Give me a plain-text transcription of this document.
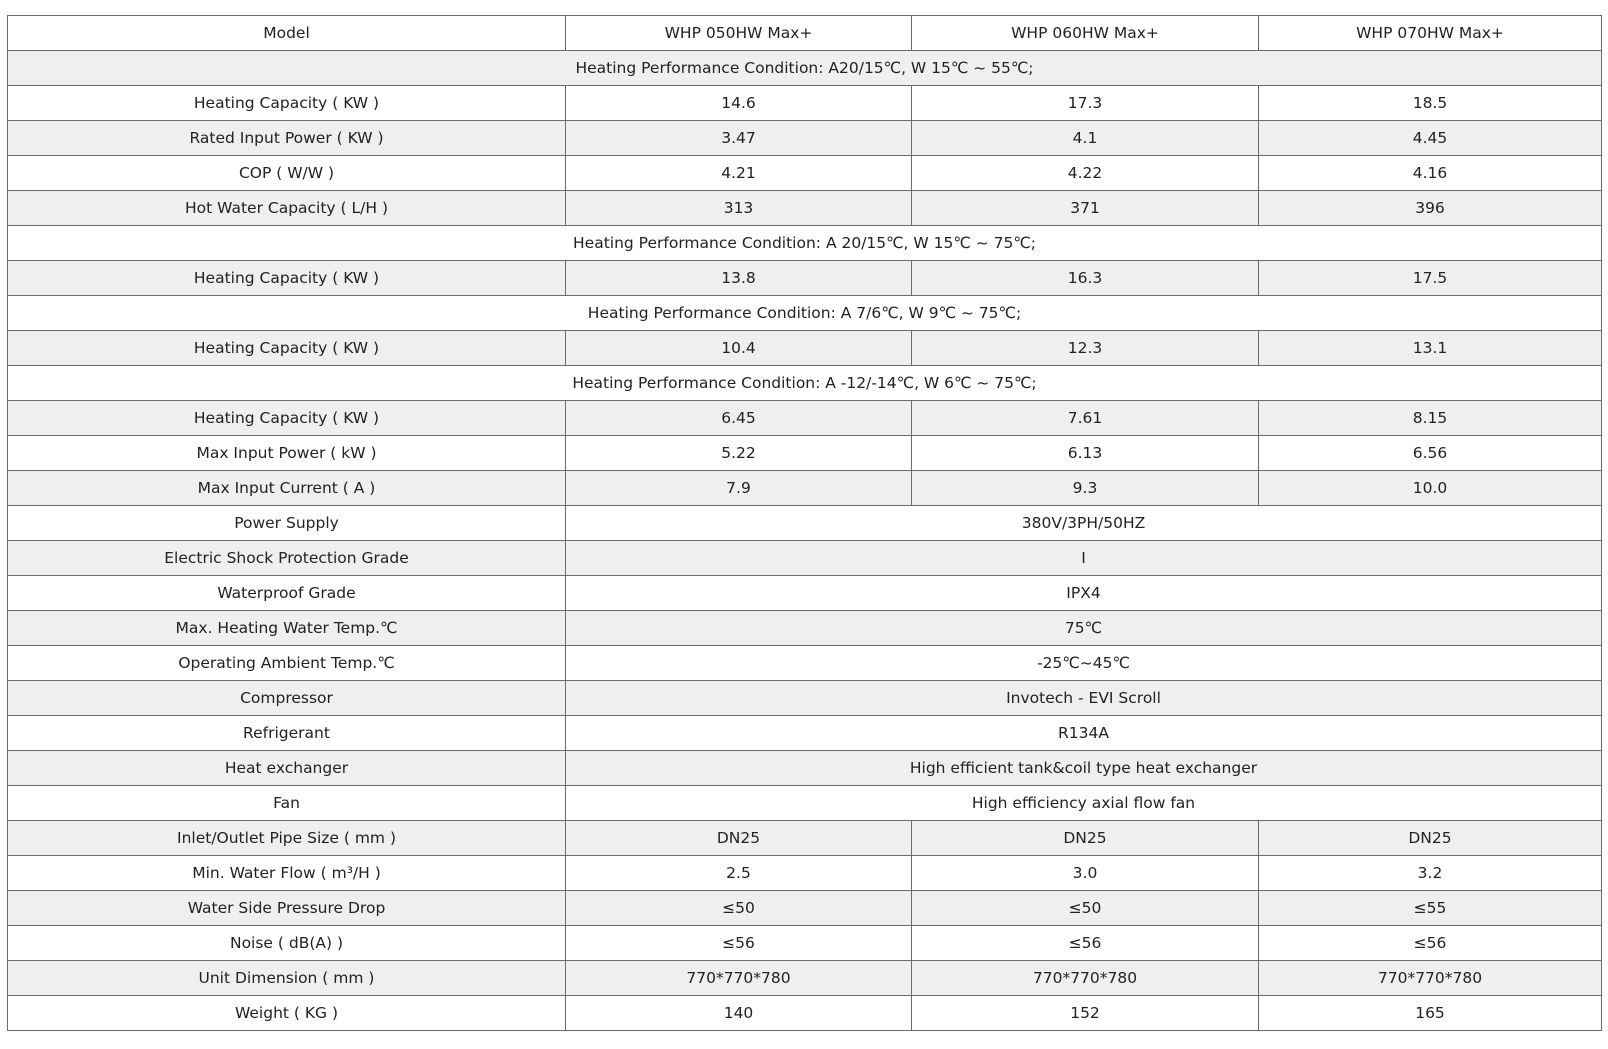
Model	WHP 050HW Max+	WHP 060HW Max+	WHP 070HW Max+
Heating Performance Condition: A20/15℃, W 15℃ ~ 55℃;			
Heating Capacity ( KW )	14.6	17.3	18.5
Rated Input Power ( KW )	3.47	4.1	4.45
COP ( W/W )	4.21	4.22	4.16
Hot Water Capacity ( L/H )	313	371	396
Heating Performance Condition: A 20/15℃, W 15℃ ~ 75℃;			
Heating Capacity ( KW )	13.8	16.3	17.5
Heating Performance Condition: A 7/6℃, W 9℃ ~ 75℃;			
Heating Capacity ( KW )	10.4	12.3	13.1
Heating Performance Condition: A -12/-14℃, W 6℃ ~ 75℃;			
Heating Capacity ( KW )	6.45	7.61	8.15
Max Input Power ( kW )	5.22	6.13	6.56
Max Input Current ( A )	7.9	9.3	10.0
Power Supply	380V/3PH/50HZ		
Electric Shock Protection Grade	I		
Waterproof Grade	IPX4		
Max. Heating Water Temp.℃	75℃		
Operating Ambient Temp.℃	-25℃~45℃		
Compressor	Invotech - EVI Scroll		
Refrigerant	R134A		
Heat exchanger	High efficient tank&coil type heat exchanger		
Fan	High efficiency axial flow fan		
Inlet/Outlet Pipe Size ( mm )	DN25	DN25	DN25
Min. Water Flow ( m³/H )	2.5	3.0	3.2
Water Side Pressure Drop	≤50	≤50	≤55
Noise ( dB(A) )	≤56	≤56	≤56
Unit Dimension ( mm )	770*770*780	770*770*780	770*770*780
Weight ( KG )	140	152	165
